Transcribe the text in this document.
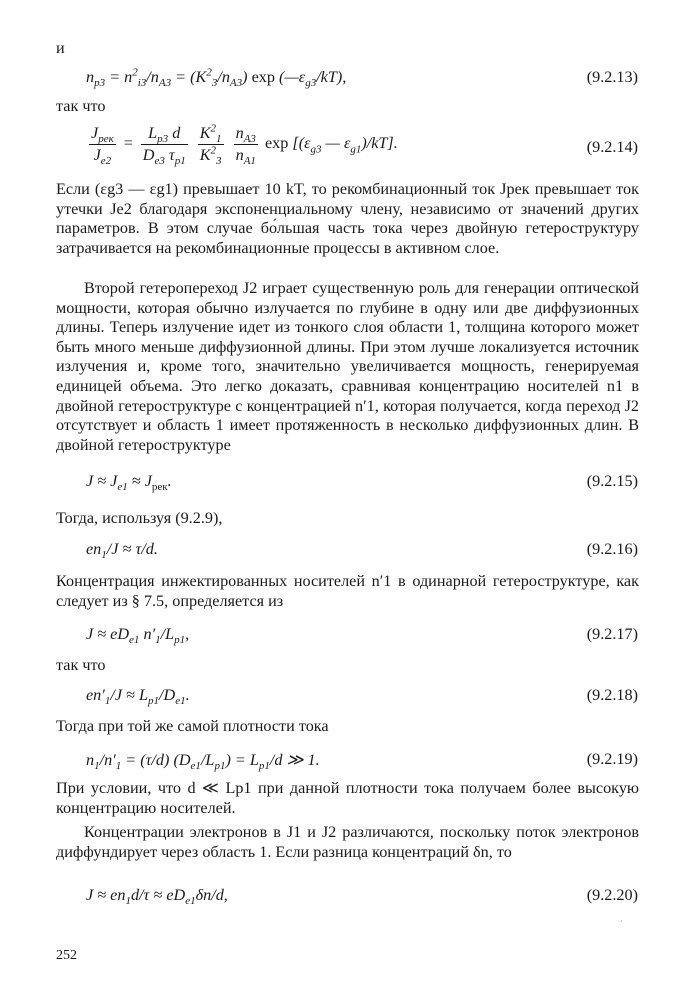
и
$n_{p3} = n^2_{i3}/n_{A3} = (K^2_3/n_{A3})$ $\exp (—\varepsilon_{g3}/kT)$,	(9.2.13)
так что
$\frac{J_{рек}}{J_{e2}} = \frac{L_{p3} d}{D_{e3} \tau_{p1}}$
$\frac{K^2_1}{K^2_3}$
$\frac{n_{A3}}{n_{A1}}$ $\exp [(\varepsilon_{g3}$ — $\varepsilon_{g1})/kT$].	(9.2.14)
Если (εg3 — εg1) превышает 10 kT, то рекомбинационный ток Jрек превышает ток утечки Je2 благодаря экспоненциальному члену, независимо от значений других параметров. В этом случае бо́льшая часть тока через двойную гетероструктуру затрачивается на рекомбинационные процессы в активном слое.
Второй гетеропереход J2 играет существенную роль для генерации оптической мощности, которая обычно излучается по глубине в одну или две диффузионных длины. Теперь излучение идет из тонкого слоя области 1, толщина которого может быть много меньше диффузионной длины. При этом лучше локализуется источник излучения и, кроме того, значительно увеличивается мощность, генерируемая единицей объема. Это легко доказать, сравнивая концентрацию носителей n1 в двойной гетероструктуре с концентрацией n′1, которая получается, когда переход J2 отсутствует и область 1 имеет протяженность в несколько диффузионных длин. В двойной гетероструктуре
$J \approx J_{e1} \approx J_{рек}$.	(9.2.15)
Тогда, используя (9.2.9),
$en_1/J \approx \tau/d$.	(9.2.16)
Концентрация инжектированных носителей n′1 в одинарной гетероструктуре, как следует из § 7.5, определяется из
$J \approx eD_{e1}$ $n'_1/L_{p1}$,	(9.2.17)
так что
$en'_1/J \approx L_{p1}/D_{e1}$.	(9.2.18)
Тогда при той же самой плотности тока
$n_1/n'_1 = (\tau/d) (D_{e1}/L_{p1}) = L_{p1}/d$ ≫ 1.	(9.2.19)
При условии, что d ≪ Lp1 при данной плотности тока получаем более высокую концентрацию носителей.
Концентрации электронов в J1 и J2 различаются, поскольку поток электронов диффундирует через область 1. Если разница концентраций δn, то
$J \approx en_1d/\tau \approx eD_{e1}\delta n/d$,	(9.2.20)
252
´
